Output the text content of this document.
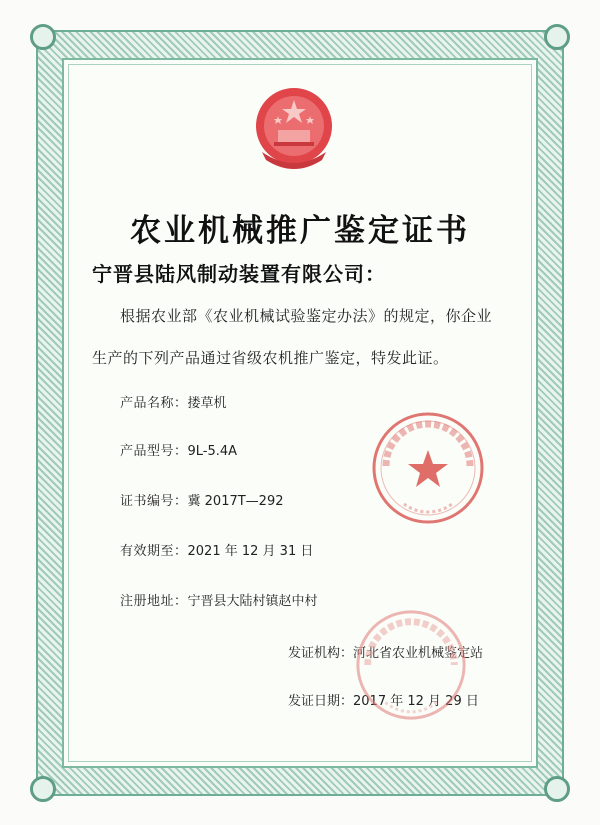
农业机械推广鉴定证书
宁晋县陆风制动装置有限公司：
根据农业部《农业机械试验鉴定办法》的规定，你企业
生产的下列产品通过省级农机推广鉴定，特发此证。
产品名称：搂草机
产品型号：9L-5.4A
证书编号：冀 2017T—292
有效期至：2021 年 12 月 31 日
注册地址：宁晋县大陆村镇赵中村
发证机构：河北省农业机械鉴定站
发证日期：2017 年 12 月 29 日
